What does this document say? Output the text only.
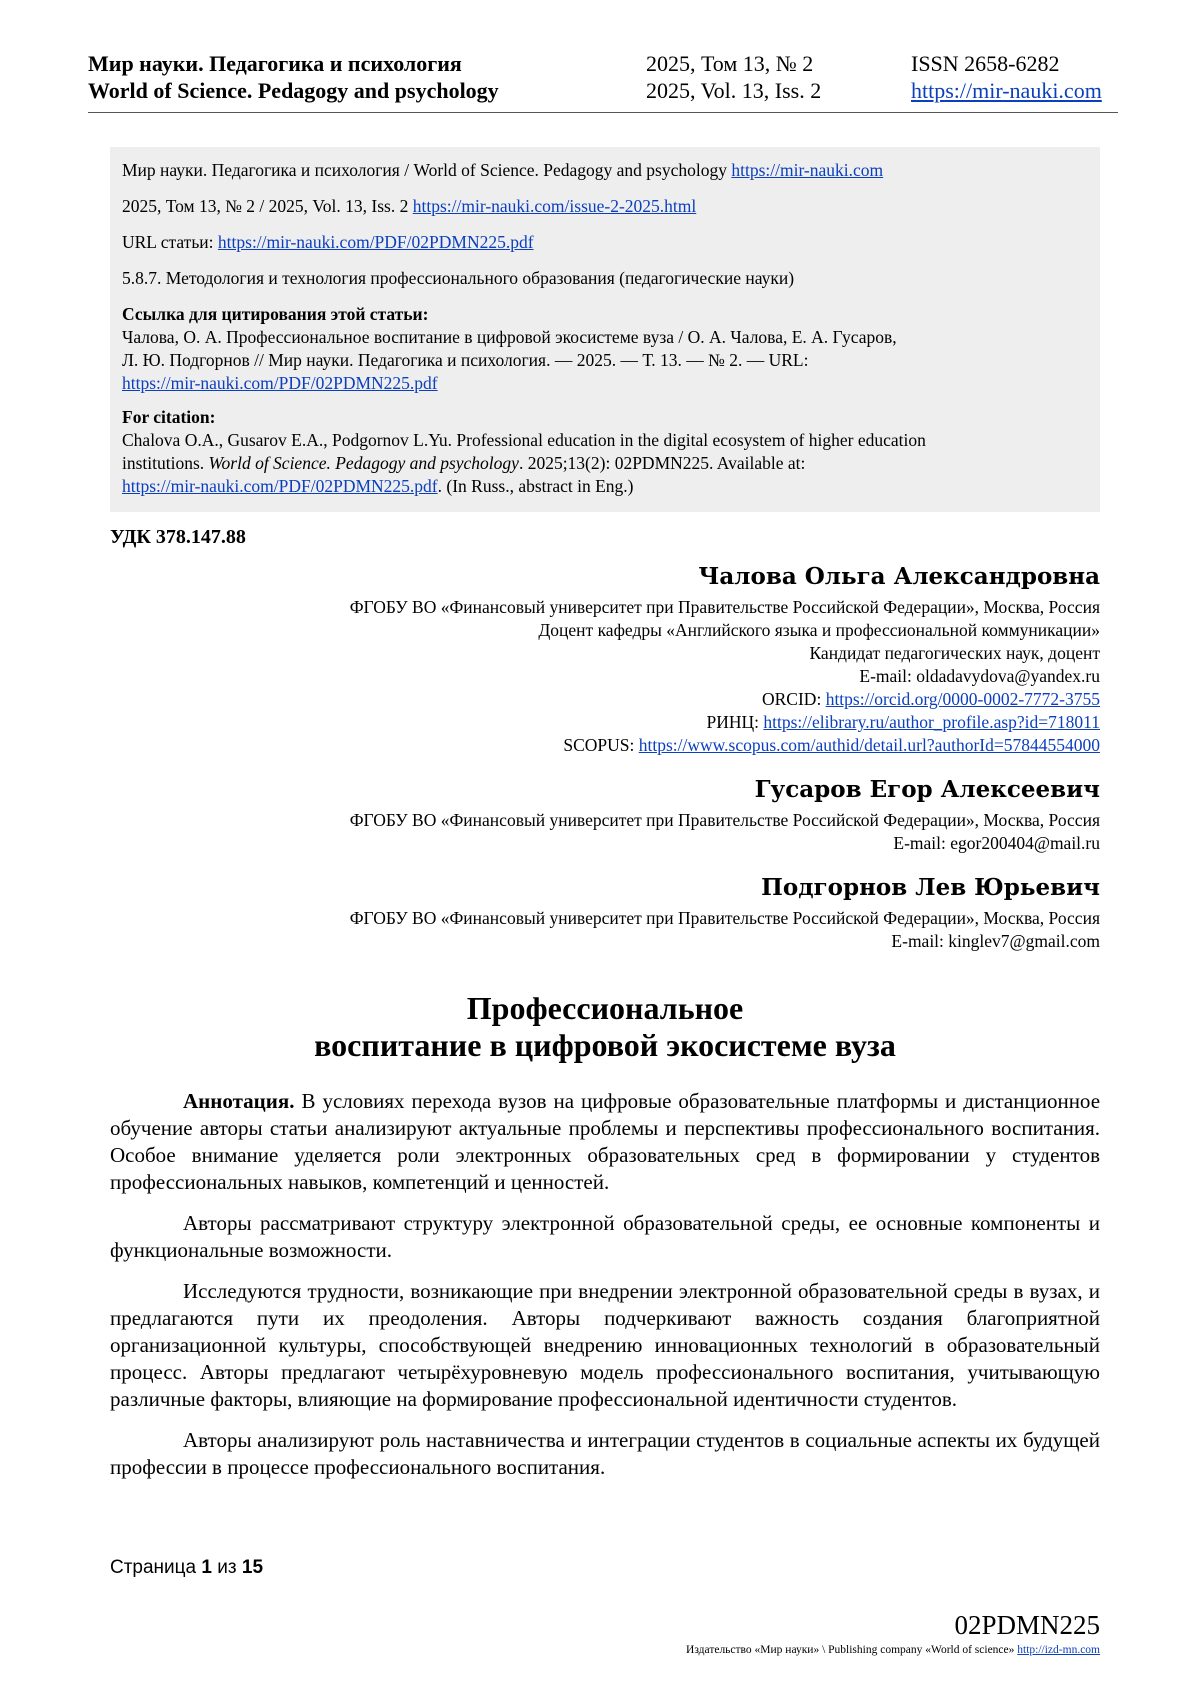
Мир науки. Педагогика и психология
World of Science. Pedagogy and psychology
2025, Том 13, № 2
2025, Vol. 13, Iss. 2
ISSN 2658-6282
https://mir-nauki.com

Мир науки. Педагогика и психология / World of Science. Pedagogy and psychology https://mir-nauki.com

2025, Том 13, № 2 / 2025, Vol. 13, Iss. 2 https://mir-nauki.com/issue-2-2025.html

URL статьи: https://mir-nauki.com/PDF/02PDMN225.pdf

5.8.7. Методология и технология профессионального образования (педагогические науки)

Ссылка для цитирования этой статьи:
Чалова, О. А. Профессиональное воспитание в цифровой экосистеме вуза / О. А. Чалова, Е. А. Гусаров,
Л. Ю. Подгорнов // Мир науки. Педагогика и психология. — 2025. — Т. 13. — № 2. — URL:
https://mir-nauki.com/PDF/02PDMN225.pdf
For citation:
Chalova O.A., Gusarov E.A., Podgornov L.Yu. Professional education in the digital ecosystem of higher education
institutions. World of Science. Pedagogy and psychology. 2025;13(2): 02PDMN225. Available at:
https://mir-nauki.com/PDF/02PDMN225.pdf. (In Russ., abstract in Eng.)
УДК 378.147.88
Чалова Ольга Александровна
ФГОБУ ВО «Финансовый университет при Правительстве Российской Федерации», Москва, Россия
Доцент кафедры «Английского языка и профессиональной коммуникации»
Кандидат педагогических наук, доцент
E-mail: oldadavydova@yandex.ru
ORCID: https://orcid.org/0000-0002-7772-3755
РИНЦ: https://elibrary.ru/author_profile.asp?id=718011
SCOPUS: https://www.scopus.com/authid/detail.url?authorId=57844554000
Гусаров Егор Алексеевич
ФГОБУ ВО «Финансовый университет при Правительстве Российской Федерации», Москва, Россия
E-mail: egor200404@mail.ru
Подгорнов Лев Юрьевич
ФГОБУ ВО «Финансовый университет при Правительстве Российской Федерации», Москва, Россия
E-mail: kinglev7@gmail.com
Профессиональное
воспитание в цифровой экосистеме вуза

Аннотация. В условиях перехода вузов на цифровые образовательные платформы и дистанционное обучение авторы статьи анализируют актуальные проблемы и перспективы профессионального воспитания. Особое внимание уделяется роли электронных образовательных сред в формировании у студентов профессиональных навыков, компетенций и ценностей.

Авторы рассматривают структуру электронной образовательной среды, ее основные компоненты и функциональные возможности.

Исследуются трудности, возникающие при внедрении электронной образовательной среды в вузах, и предлагаются пути их преодоления. Авторы подчеркивают важность создания благоприятной организационной культуры, способствующей внедрению инновационных технологий в образовательный процесс. Авторы предлагают четырёхуровневую модель профессионального воспитания, учитывающую различные факторы, влияющие на формирование профессиональной идентичности студентов.

Авторы анализируют роль наставничества и интеграции студентов в социальные аспекты их будущей профессии в процессе профессионального воспитания.

Страница 1 из 15
02PDMN225
Издательство «Мир науки» \ Publishing company «World of science» http://izd-mn.com
